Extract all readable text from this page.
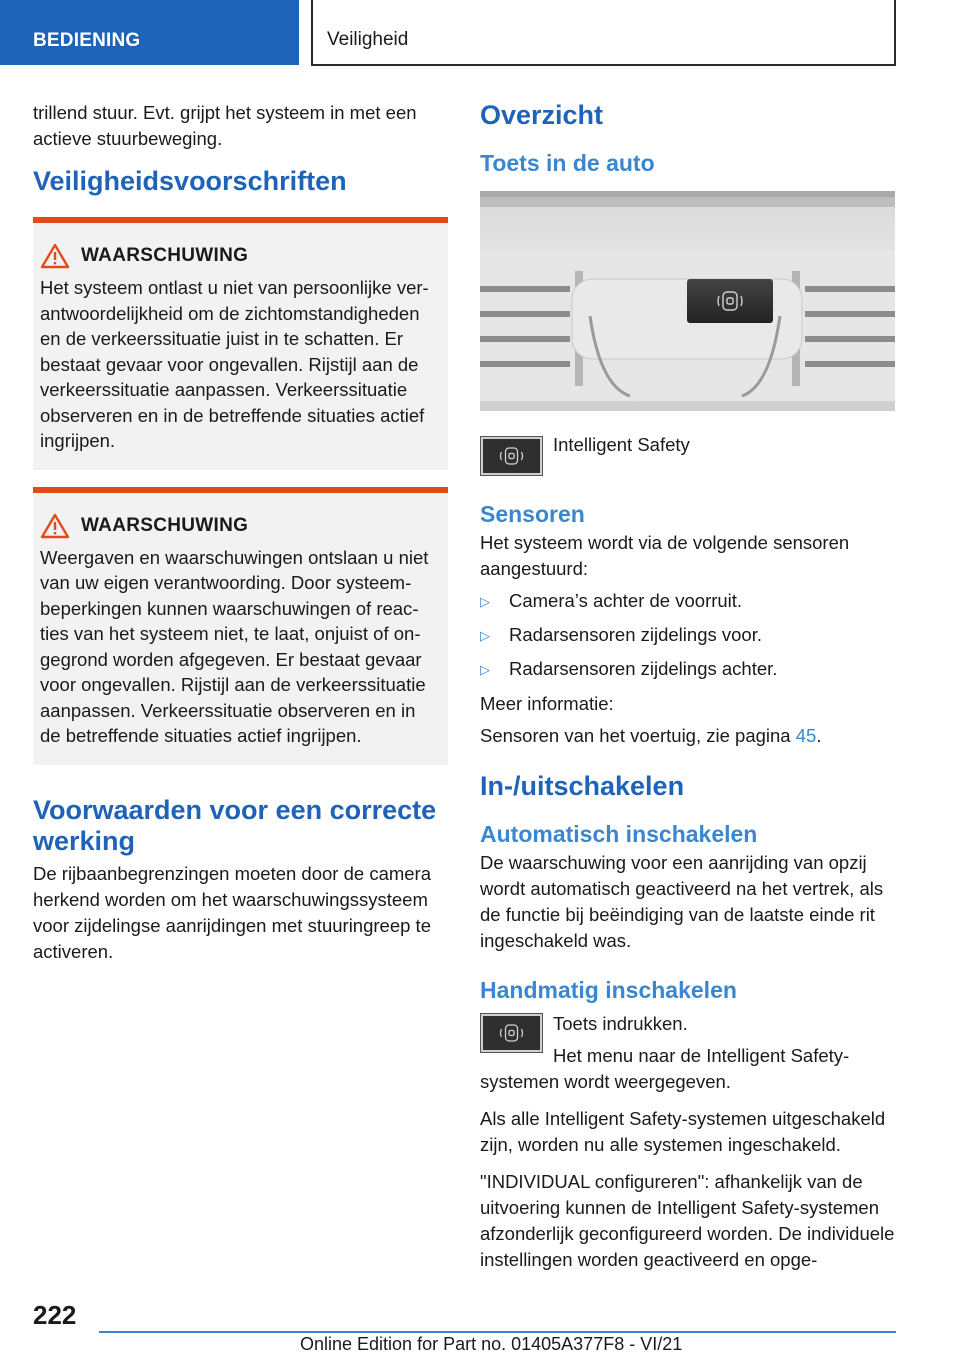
BEDIENING	Veiligheid

trillend stuur. Evt. grijpt het systeem in met een actieve stuurbeweging.

Veiligheidsvoorschriften
WAARSCHUWING

Het systeem ontlast u niet van persoonlijke verantwoordelijkheid om de zichtomstandigheden en de verkeerssituatie juist in te schatten. Er bestaat gevaar voor ongevallen. Rijstijl aan de verkeerssituatie aanpassen. Verkeerssituatie observeren en in de betreffende situaties actief ingrijpen.

WAARSCHUWING

Weergaven en waarschuwingen ontslaan u niet van uw eigen verantwoording. Door systeembeperkingen kunnen waarschuwingen of reacties van het systeem niet, te laat, onjuist of ongegrond worden afgegeven. Er bestaat gevaar voor ongevallen. Rijstijl aan de verkeerssituatie aanpassen. Verkeerssituatie observeren en in de betreffende situaties actief ingrijpen.

Voorwaarden voor een correcte werking

De rijbaanbegrenzingen moeten door de camera herkend worden om het waarschuwingssysteem voor zijdelingse aanrijdingen met stuuringreep te activeren.

Overzicht
Toets in de auto

Intelligent Safety

Sensoren

Het systeem wordt via de volgende sensoren aangestuurd:

▷	Camera’s achter de voorruit.
▷	Radarsensoren zijdelings voor.
▷	Radarsensoren zijdelings achter.

Meer informatie:

Sensoren van het voertuig, zie pagina 45.

In-/uitschakelen
Automatisch inschakelen

De waarschuwing voor een aanrijding van opzij wordt automatisch geactiveerd na het vertrek, als de functie bij beëindiging van de laatste einde rit ingeschakeld was.

Handmatig inschakelen

Toets indrukken.

Het menu naar de Intelligent Safety-systemen wordt weergegeven.

Als alle Intelligent Safety-systemen uitgeschakeld zijn, worden nu alle systemen ingeschakeld.

"INDIVIDUAL configureren": afhankelijk van de uitvoering kunnen de Intelligent Safety-systemen afzonderlijk geconfigureerd worden. De individuele instellingen worden geactiveerd en opge-

222
Online Edition for Part no. 01405A377F8 - VI/21
